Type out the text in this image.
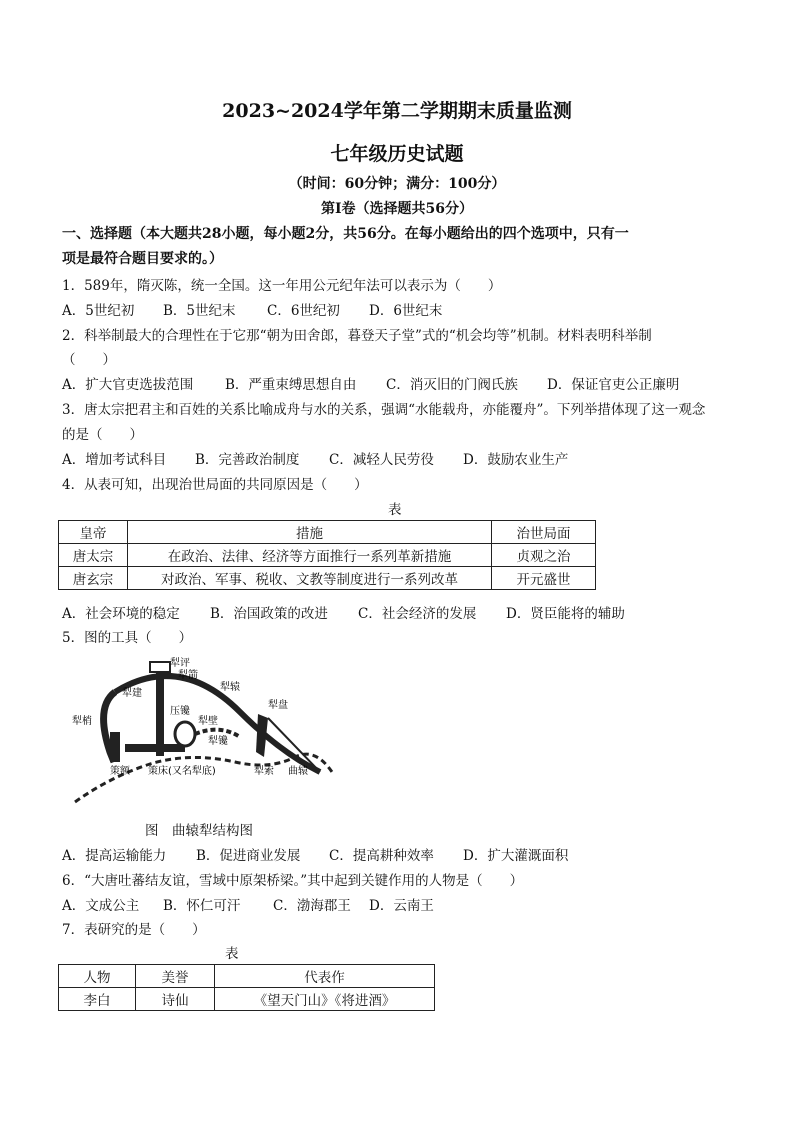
2023~2024学年第二学期期末质量监测
七年级历史试题
（时间：60分钟；满分：100分）
第Ⅰ卷（选择题共56分）
一、选择题（本大题共28小题，每小题2分，共56分。在每小题给出的四个选项中，只有一
项是最符合题目要求的。）
1．589年，隋灭陈，统一全国。这一年用公元纪年法可以表示为（　　）
A．5世纪初 B．5世纪末 C．6世纪初 D．6世纪末
2．科举制最大的合理性在于它那“朝为田舍郎，暮登天子堂”式的“机会均等”机制。材料表明科举制
（　　）
A．扩大官吏选拔范围 B．严重束缚思想自由 C．消灭旧的门阀氏族 D．保证官吏公正廉明
3．唐太宗把君主和百姓的关系比喻成舟与水的关系，强调“水能载舟，亦能覆舟”。下列举措体现了这一观念
的是（　　）
A．增加考试科目 B．完善政治制度 C．减轻人民劳役 D．鼓励农业生产
4．从表可知，出现治世局面的共同原因是（　　）
表
皇帝	措施	治世局面
唐太宗	在政治、法律、经济等方面推行一系列革新措施	贞观之治
唐玄宗	对政治、军事、税收、文教等制度进行一系列改革	开元盛世
A．社会环境的稳定 B．治国政策的改进 C．社会经济的发展 D．贤臣能将的辅助
5．图的工具（　　）
犁评
犁箭
犁辕
犁建
犁梢
压镵
犁壁
犁镵
犁盘
策额 策床(又名犁底)	犁索 曲辕
图　曲辕犁结构图
A．提高运输能力 B．促进商业发展 C．提高耕种效率 D．扩大灌溉面积
6．“大唐吐蕃结友谊，雪域中原架桥梁。”其中起到关键作用的人物是（　　）
A．文成公主 B．怀仁可汗 C．渤海郡王 D．云南王
7．表研究的是（　　）
表
人物	美誉	代表作
李白	诗仙	《望天门山》《将进酒》
